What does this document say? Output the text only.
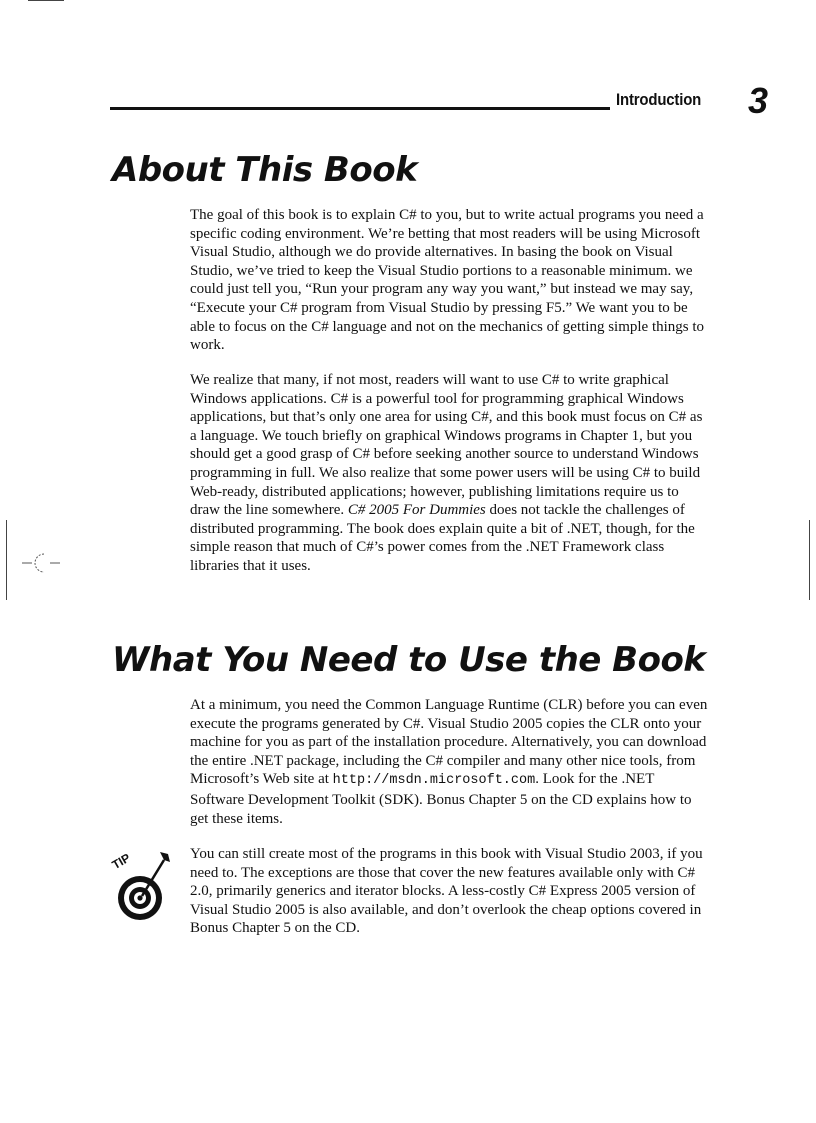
Introduction 3
About This Book

The goal of this book is to explain C# to you, but to write actual programs you need a specific coding environment. We’re betting that most readers will be using Microsoft Visual Studio, although we do provide alternatives. In basing the book on Visual Studio, we’ve tried to keep the Visual Studio portions to a reasonable minimum. we could just tell you, “Run your program any way you want,” but instead we may say, “Execute your C# program from Visual Studio by pressing F5.” We want you to be able to focus on the C# language and not on the mechanics of getting simple things to work.

We realize that many, if not most, readers will want to use C# to write graphical Windows applications. C# is a powerful tool for programming graphical Windows applications, but that’s only one area for using C#, and this book must focus on C# as a language. We touch briefly on graphical Windows programs in Chapter 1, but you should get a good grasp of C# before seeking another source to understand Windows programming in full. We also realize that some power users will be using C# to build Web-ready, distributed applications; however, publishing limitations require us to draw the line somewhere. C# 2005 For Dummies does not tackle the challenges of distributed programming. The book does explain quite a bit of .NET, though, for the simple reason that much of C#’s power comes from the .NET Framework class libraries that it uses.

What You Need to Use the Book

At a minimum, you need the Common Language Runtime (CLR) before you can even execute the programs generated by C#. Visual Studio 2005 copies the CLR onto your machine for you as part of the installation procedure. Alternatively, you can download the entire .NET package, including the C# compiler and many other nice tools, from Microsoft’s Web site at http://msdn.microsoft.com. Look for the .NET Software Development Toolkit (SDK). Bonus Chapter 5 on the CD explains how to get these items.

TIP	You can still create most of the programs in this book with Visual Studio 2003, if you need to. The exceptions are those that cover the new features available only with C# 2.0, primarily generics and iterator blocks. A less-costly C# Express 2005 version of Visual Studio 2005 is also available, and don’t overlook the cheap options covered in Bonus Chapter 5 on the CD.
